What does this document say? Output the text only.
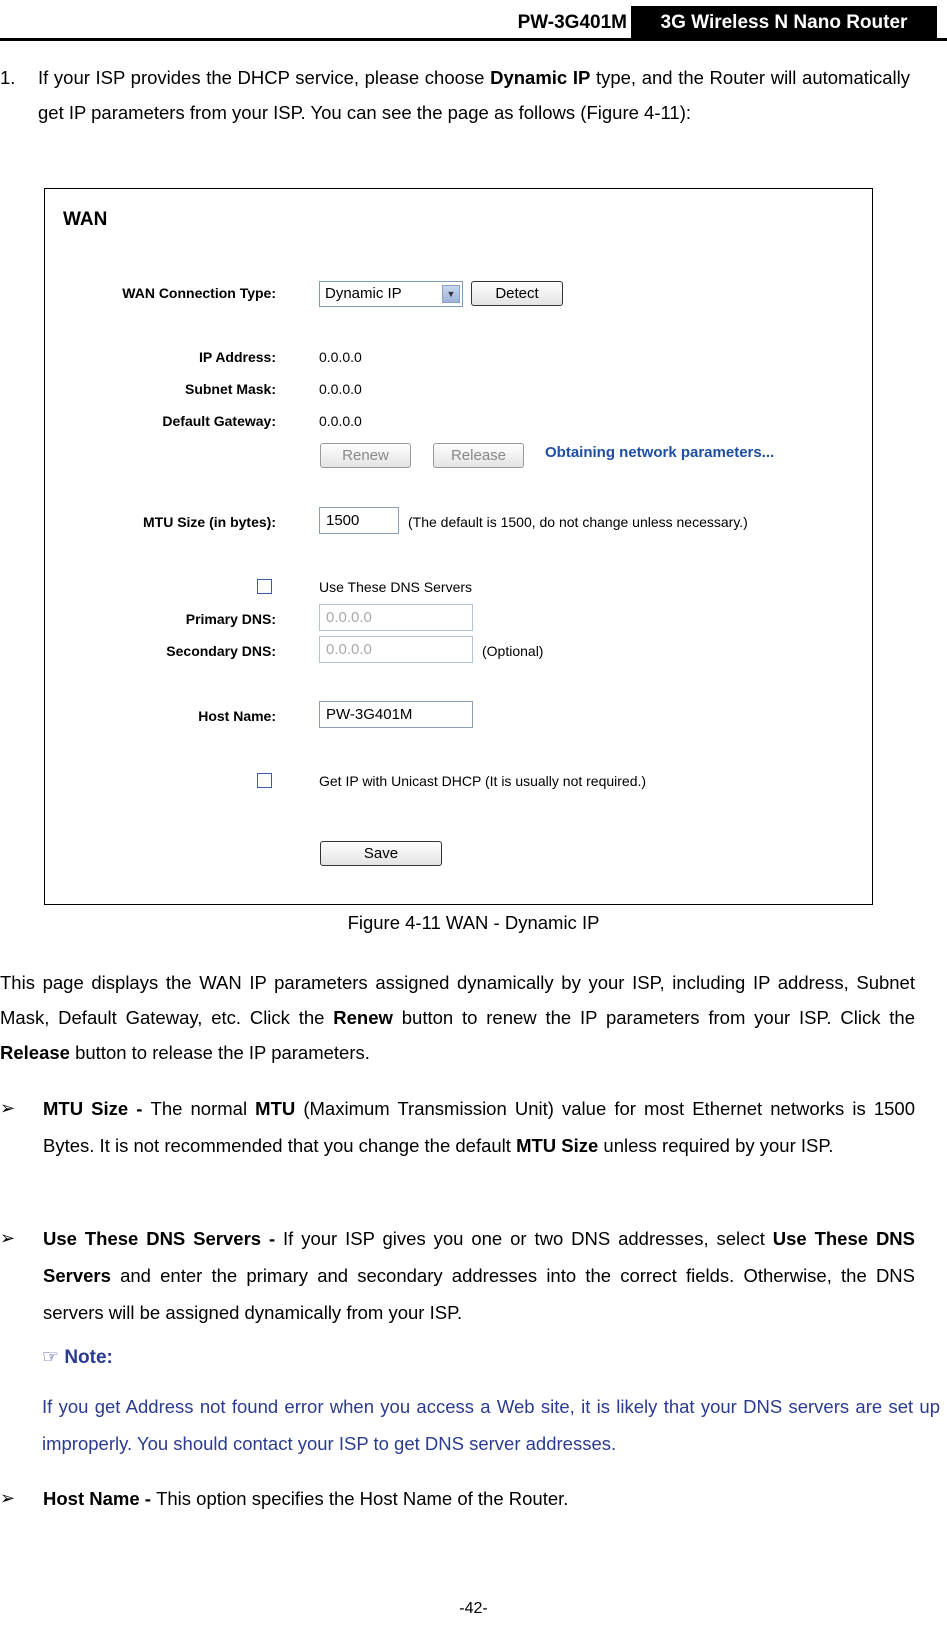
PW-3G401M	3G Wireless N Nano Router
1. If your ISP provides the DHCP service, please choose Dynamic IP type, and the Router will automatically get IP parameters from your ISP. You can see the page as follows (Figure 4-11):
WAN
WAN Connection Type:	Dynamic IP	▼	Detect
IP Address:	0.0.0.0
Subnet Mask:	0.0.0.0
Default Gateway:	0.0.0.0
Renew	Release	Obtaining network parameters...
MTU Size (in bytes):	1500	(The default is 1500, do not change unless necessary.)
Use These DNS Servers
Primary DNS:	0.0.0.0
Secondary DNS:	0.0.0.0	(Optional)
Host Name:	PW-3G401M
Get IP with Unicast DHCP (It is usually not required.)
Save
Figure 4-11 WAN - Dynamic IP
This page displays the WAN IP parameters assigned dynamically by your ISP, including IP address, Subnet Mask, Default Gateway, etc. Click the Renew button to renew the IP parameters from your ISP. Click the Release button to release the IP parameters.
➢ MTU Size - The normal MTU (Maximum Transmission Unit) value for most Ethernet networks is 1500 Bytes. It is not recommended that you change the default MTU Size unless required by your ISP.
➢ Use These DNS Servers - If your ISP gives you one or two DNS addresses, select Use These DNS Servers and enter the primary and secondary addresses into the correct fields. Otherwise, the DNS servers will be assigned dynamically from your ISP.
☞ Note:
If you get Address not found error when you access a Web site, it is likely that your DNS servers are set up improperly. You should contact your ISP to get DNS server addresses.
➢ Host Name - This option specifies the Host Name of the Router.
-42-
